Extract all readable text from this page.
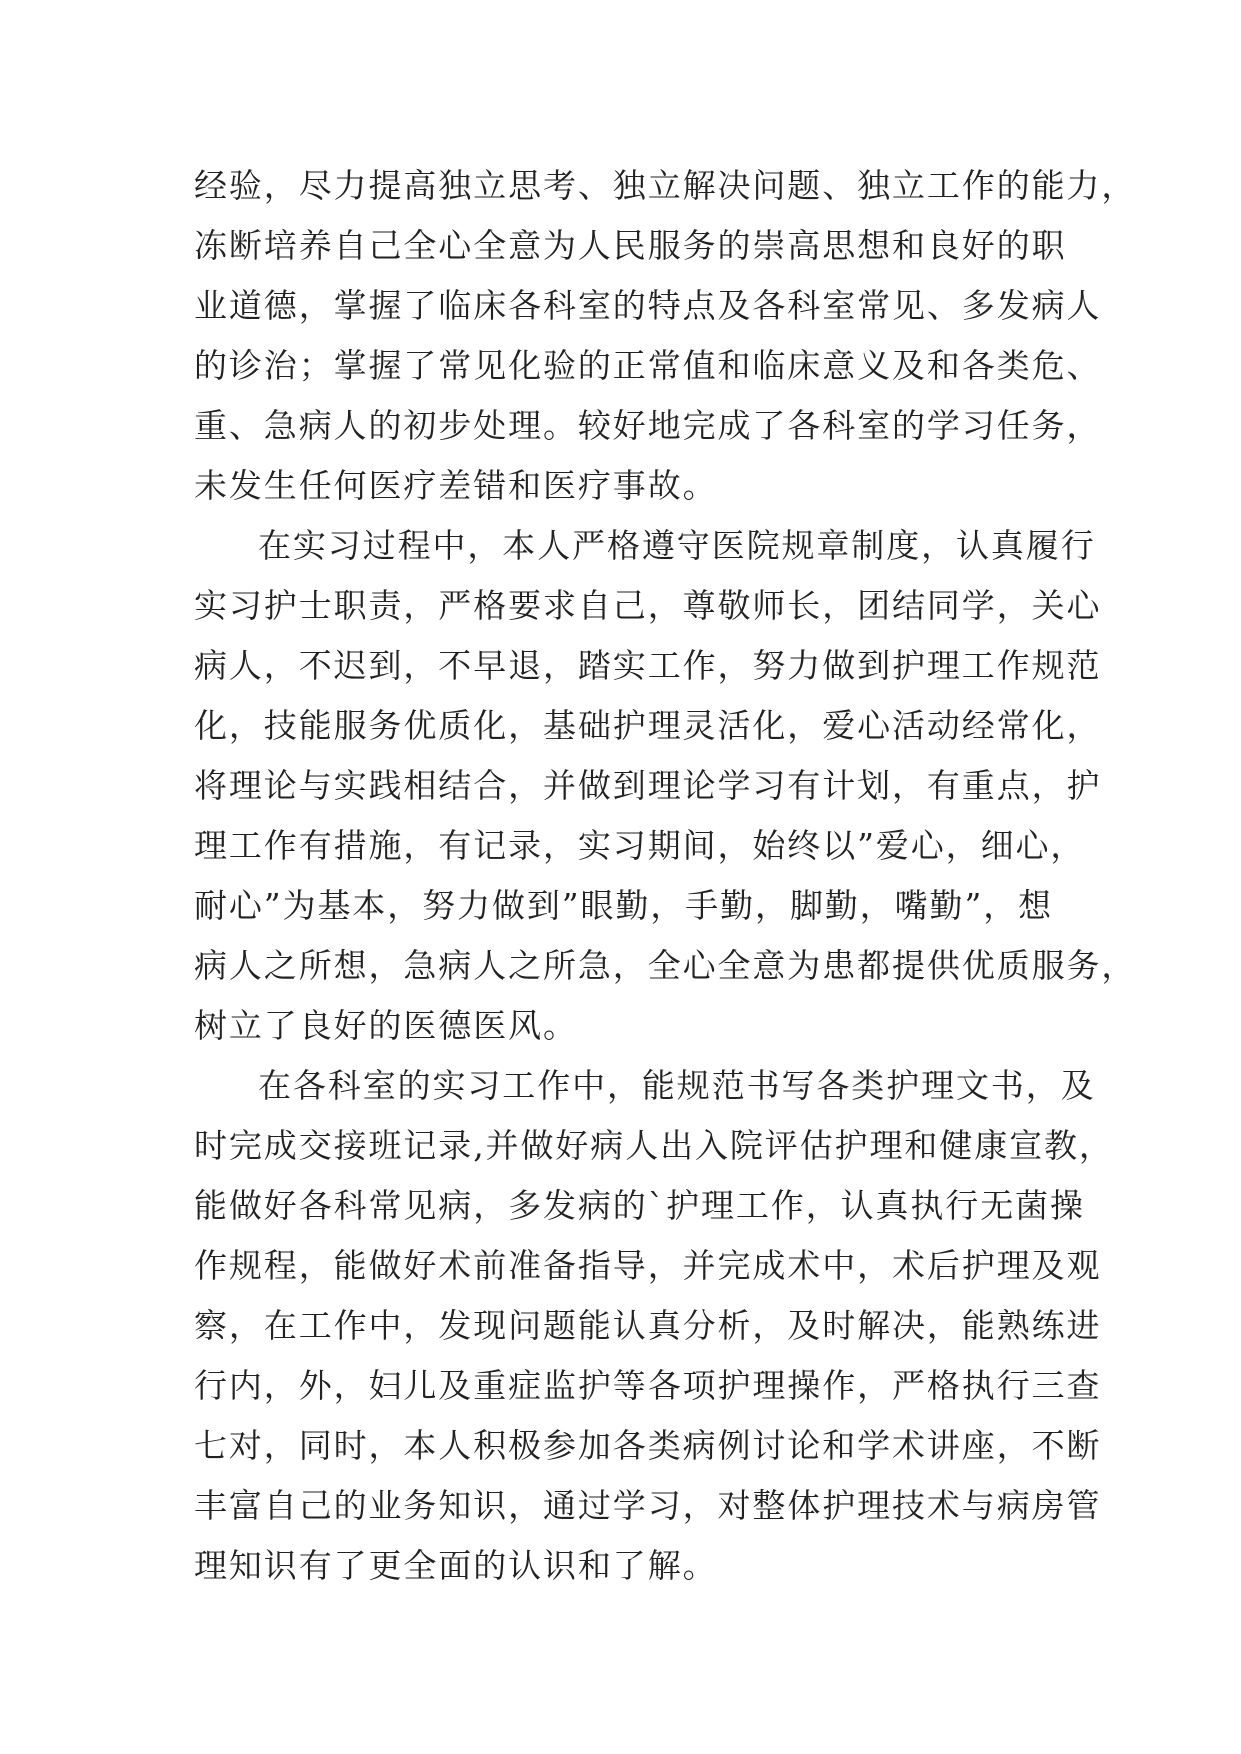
经验，尽力提高独立思考、独立解决问题、独立工作的能力，
冻断培养自己全心全意为人民服务的崇高思想和良好的职
业道德，掌握了临床各科室的特点及各科室常见、多发病人
的诊治；掌握了常见化验的正常值和临床意义及和各类危、
重、急病人的初步处理。较好地完成了各科室的学习任务，
未发生任何医疗差错和医疗事故。
在实习过程中，本人严格遵守医院规章制度，认真履行
实习护士职责，严格要求自己，尊敬师长，团结同学，关心
病人，不迟到，不早退，踏实工作，努力做到护理工作规范
化，技能服务优质化，基础护理灵活化，爱心活动经常化，
将理论与实践相结合，并做到理论学习有计划，有重点，护
理工作有措施，有记录，实习期间，始终以”爱心，细心，
耐心”为基本，努力做到”眼勤，手勤，脚勤，嘴勤”，想
病人之所想，急病人之所急，全心全意为患都提供优质服务，
树立了良好的医德医风。
在各科室的实习工作中，能规范书写各类护理文书，及
时完成交接班记录,并做好病人出入院评估护理和健康宣教，
能做好各科常见病，多发病的`护理工作，认真执行无菌操
作规程，能做好术前准备指导，并完成术中，术后护理及观
察，在工作中，发现问题能认真分析，及时解决，能熟练进
行内，外，妇儿及重症监护等各项护理操作，严格执行三查
七对，同时，本人积极参加各类病例讨论和学术讲座，不断
丰富自己的业务知识，通过学习，对整体护理技术与病房管
理知识有了更全面的认识和了解。
